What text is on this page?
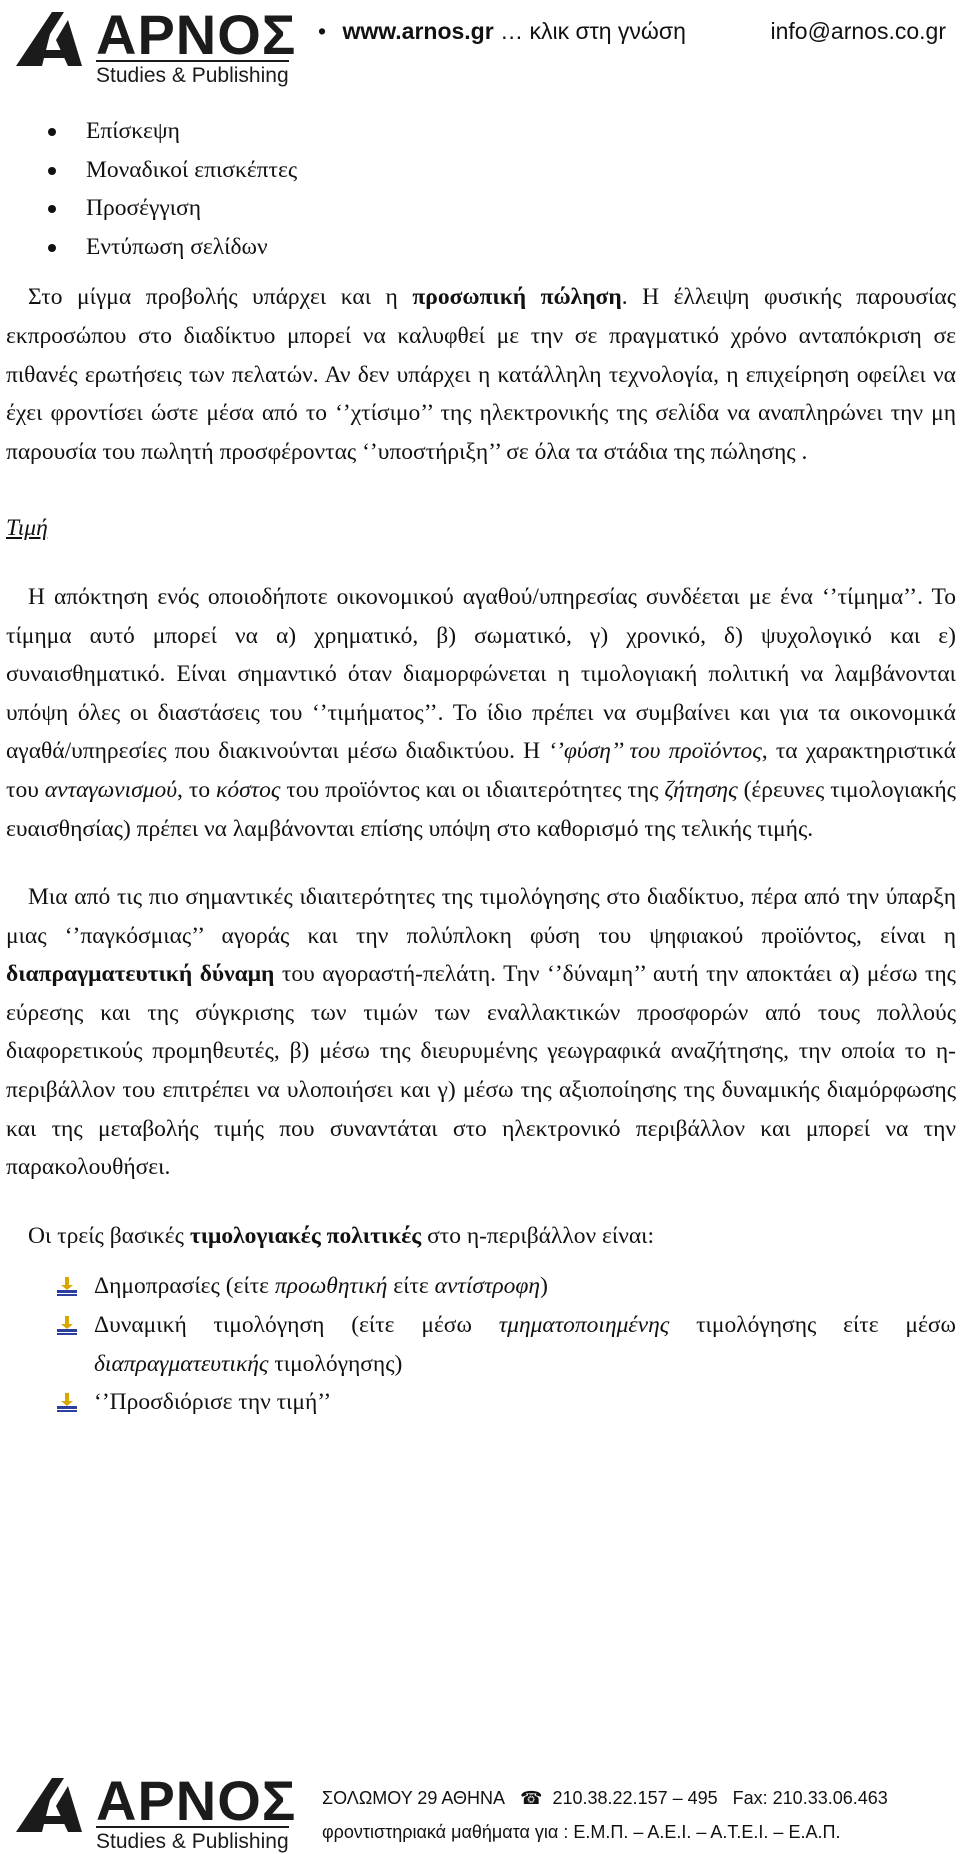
ΑΡΝΟΣ
Studies & Publishing
• www.arnos.gr … κλικ στη γνώση	info@arnos.co.gr
Επίσκεψη
Μοναδικοί επισκέπτες
Προσέγγιση
Εντύπωση σελίδων

Στο μίγμα προβολής υπάρχει και η προσωπική πώληση. Η έλλειψη φυσικής παρουσίας εκπροσώπου στο διαδίκτυο μπορεί να καλυφθεί με την σε πραγματικό χρόνο ανταπόκριση σε πιθανές ερωτήσεις των πελατών. Αν δεν υπάρχει η κατάλληλη τεχνολογία, η επιχείρηση οφείλει να έχει φροντίσει ώστε μέσα από το ‘’χτίσιμο’’ της ηλεκτρονικής της σελίδα να αναπληρώνει την μη παρουσία του πωλητή προσφέροντας ‘’υποστήριξη’’ σε όλα τα στάδια της πώλησης .

Τιμή

Η απόκτηση ενός οποιοδήποτε οικονομικού αγαθού/υπηρεσίας συνδέεται με ένα ‘’τίμημα’’. Το τίμημα αυτό μπορεί να α) χρηματικό, β) σωματικό, γ) χρονικό, δ) ψυχολογικό και ε) συναισθηματικό. Είναι σημαντικό όταν διαμορφώνεται η τιμολογιακή πολιτική να λαμβάνονται υπόψη όλες οι διαστάσεις του ‘’τιμήματος’’. Το ίδιο πρέπει να συμβαίνει και για τα οικονομικά αγαθά/υπηρεσίες που διακινούνται μέσω διαδικτύου. Η ‘’φύση’’ του προϊόντος, τα χαρακτηριστικά του ανταγωνισμού, το κόστος του προϊόντος και οι ιδιαιτερότητες της ζήτησης (έρευνες τιμολογιακής ευαισθησίας) πρέπει να λαμβάνονται επίσης υπόψη στο καθορισμό της τελικής τιμής.

Μια από τις πιο σημαντικές ιδιαιτερότητες της τιμολόγησης στο διαδίκτυο, πέρα από την ύπαρξη μιας ‘’παγκόσμιας’’ αγοράς και την πολύπλοκη φύση του ψηφιακού προϊόντος, είναι η διαπραγματευτική δύναμη του αγοραστή-πελάτη. Την ‘’δύναμη’’ αυτή την αποκτάει α) μέσω της εύρεσης και της σύγκρισης των τιμών των εναλλακτικών προσφορών από τους πολλούς διαφορετικούς προμηθευτές, β) μέσω της διευρυμένης γεωγραφικά αναζήτησης, την οποία το η-περιβάλλον του επιτρέπει να υλοποιήσει και γ) μέσω της αξιοποίησης της δυναμικής διαμόρφωσης και της μεταβολής τιμής που συναντάται στο ηλεκτρονικό περιβάλλον και μπορεί να την παρακολουθήσει.

Οι τρείς βασικές τιμολογιακές πολιτικές στο η-περιβάλλον είναι:

Δημοπρασίες (είτε προωθητική είτε αντίστροφη)
Δυναμική τιμολόγηση (είτε μέσω τμηματοποιημένης τιμολόγησης είτε μέσω διαπραγματευτικής τιμολόγησης)
‘’Προσδιόρισε την τιμή’’
ΑΡΝΟΣ
Studies & Publishing
ΣΟΛΩΜΟΥ 29 ΑΘΗΝΑ ☎ 210.38.22.157 – 495 Fax: 210.33.06.463
φροντιστηριακά μαθήματα για : Ε.Μ.Π. – Α.Ε.Ι. – Α.Τ.Ε.Ι. – Ε.Α.Π.
